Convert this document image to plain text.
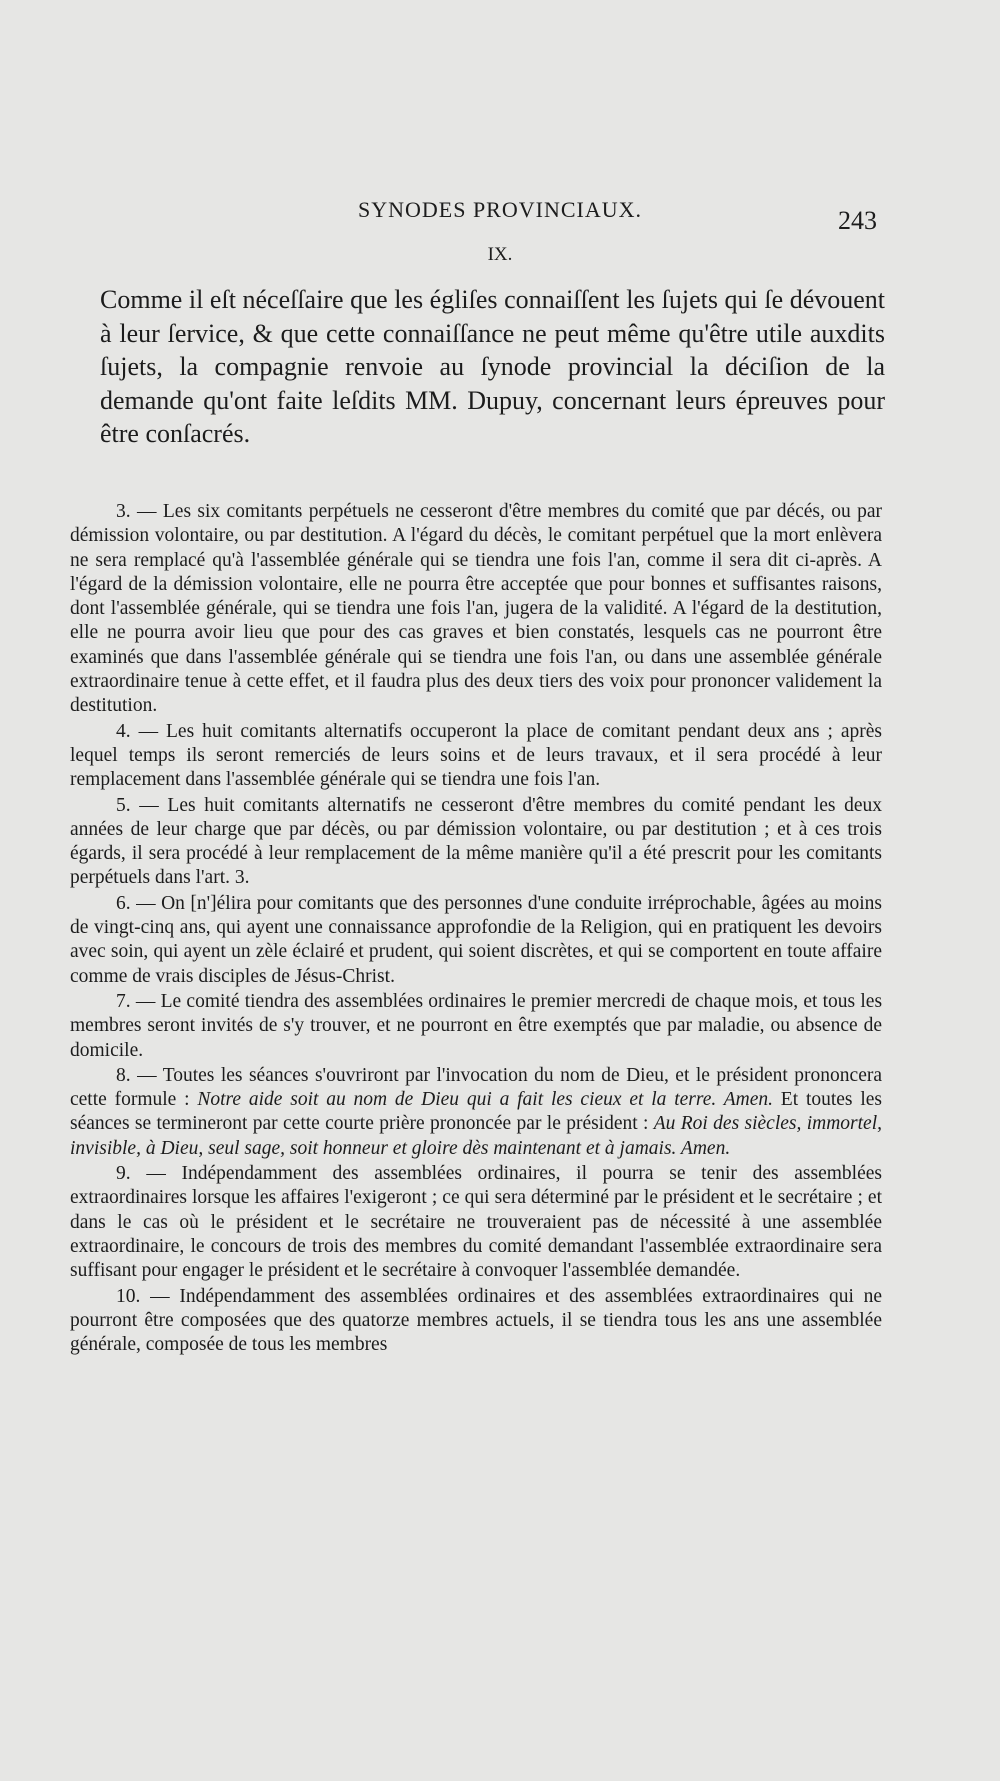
SYNODES PROVINCIAUX.	243
IX.
Comme il eſt néceſſaire que les égliſes connaiſſent les ſujets qui ſe dévouent à leur ſervice, & que cette connaiſſance ne peut même qu'être utile auxdits ſujets, la compagnie renvoie au ſynode provincial la déciſion de la demande qu'ont faite leſdits MM. Dupuy, concernant leurs épreuves pour être conſacrés.

3. — Les six comitants perpétuels ne cesseront d'être membres du comité que par décés, ou par démission volontaire, ou par destitution. A l'égard du décès, le comitant perpétuel que la mort enlèvera ne sera remplacé qu'à l'assemblée générale qui se tiendra une fois l'an, comme il sera dit ci-après. A l'égard de la démission volontaire, elle ne pourra être acceptée que pour bonnes et suffisantes raisons, dont l'assemblée générale, qui se tiendra une fois l'an, jugera de la validité. A l'égard de la destitution, elle ne pourra avoir lieu que pour des cas graves et bien constatés, lesquels cas ne pourront être examinés que dans l'assemblée générale qui se tiendra une fois l'an, ou dans une assemblée générale extraordinaire tenue à cette effet, et il faudra plus des deux tiers des voix pour prononcer validement la destitution.

4. — Les huit comitants alternatifs occuperont la place de comitant pendant deux ans ; après lequel temps ils seront remerciés de leurs soins et de leurs travaux, et il sera procédé à leur remplacement dans l'assemblée générale qui se tiendra une fois l'an.

5. — Les huit comitants alternatifs ne cesseront d'être membres du comité pendant les deux années de leur charge que par décès, ou par démission volontaire, ou par destitution ; et à ces trois égards, il sera procédé à leur remplacement de la même manière qu'il a été prescrit pour les comitants perpétuels dans l'art. 3.

6. — On [n']élira pour comitants que des personnes d'une conduite irréprochable, âgées au moins de vingt-cinq ans, qui ayent une connaissance approfondie de la Religion, qui en pratiquent les devoirs avec soin, qui ayent un zèle éclairé et prudent, qui soient discrètes, et qui se comportent en toute affaire comme de vrais disciples de Jésus-Christ.

7. — Le comité tiendra des assemblées ordinaires le premier mercredi de chaque mois, et tous les membres seront invités de s'y trouver, et ne pourront en être exemptés que par maladie, ou absence de domicile.

8. — Toutes les séances s'ouvriront par l'invocation du nom de Dieu, et le président prononcera cette formule : Notre aide soit au nom de Dieu qui a fait les cieux et la terre. Amen. Et toutes les séances se termineront par cette courte prière prononcée par le président : Au Roi des siècles, immortel, invisible, à Dieu, seul sage, soit honneur et gloire dès maintenant et à jamais. Amen.

9. — Indépendamment des assemblées ordinaires, il pourra se tenir des assemblées extraordinaires lorsque les affaires l'exigeront ; ce qui sera déterminé par le président et le secrétaire ; et dans le cas où le président et le secrétaire ne trouveraient pas de nécessité à une assemblée extraordinaire, le concours de trois des membres du comité demandant l'assemblée extraordinaire sera suffisant pour engager le président et le secrétaire à convoquer l'assemblée demandée.

10. — Indépendamment des assemblées ordinaires et des assemblées extraordinaires qui ne pourront être composées que des quatorze membres actuels, il se tiendra tous les ans une assemblée générale, composée de tous les membres
